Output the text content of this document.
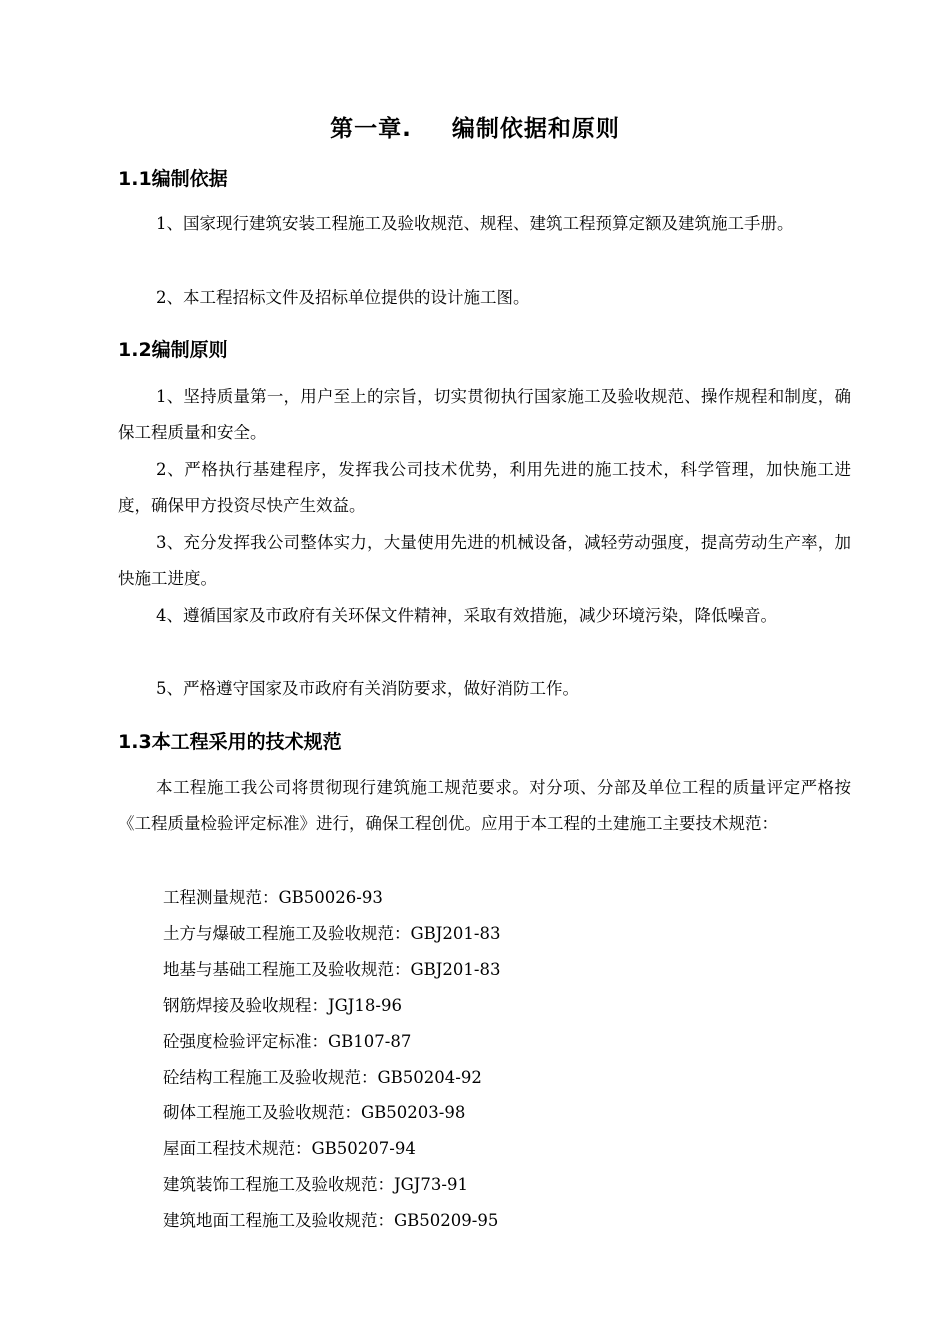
第一章. 编制依据和原则
1.1编制依据
1、国家现行建筑安装工程施工及验收规范、规程、建筑工程预算定额及建筑施工手册。
2、本工程招标文件及招标单位提供的设计施工图。
1.2编制原则
1、坚持质量第一，用户至上的宗旨，切实贯彻执行国家施工及验收规范、操作规程和制度，确保工程质量和安全。
2、严格执行基建程序，发挥我公司技术优势，利用先进的施工技术，科学管理，加快施工进度，确保甲方投资尽快产生效益。
3、充分发挥我公司整体实力，大量使用先进的机械设备，减轻劳动强度，提高劳动生产率，加快施工进度。
4、遵循国家及市政府有关环保文件精神，采取有效措施，减少环境污染，降低噪音。
5、严格遵守国家及市政府有关消防要求，做好消防工作。
1.3本工程采用的技术规范
本工程施工我公司将贯彻现行建筑施工规范要求。对分项、分部及单位工程的质量评定严格按《工程质量检验评定标准》进行，确保工程创优。应用于本工程的土建施工主要技术规范：
工程测量规范：GB50026-93
土方与爆破工程施工及验收规范：GBJ201-83
地基与基础工程施工及验收规范：GBJ201-83
钢筋焊接及验收规程：JGJ18-96
砼强度检验评定标准：GB107-87
砼结构工程施工及验收规范：GB50204-92
砌体工程施工及验收规范：GB50203-98
屋面工程技术规范：GB50207-94
建筑装饰工程施工及验收规范：JGJ73-91
建筑地面工程施工及验收规范：GB50209-95
